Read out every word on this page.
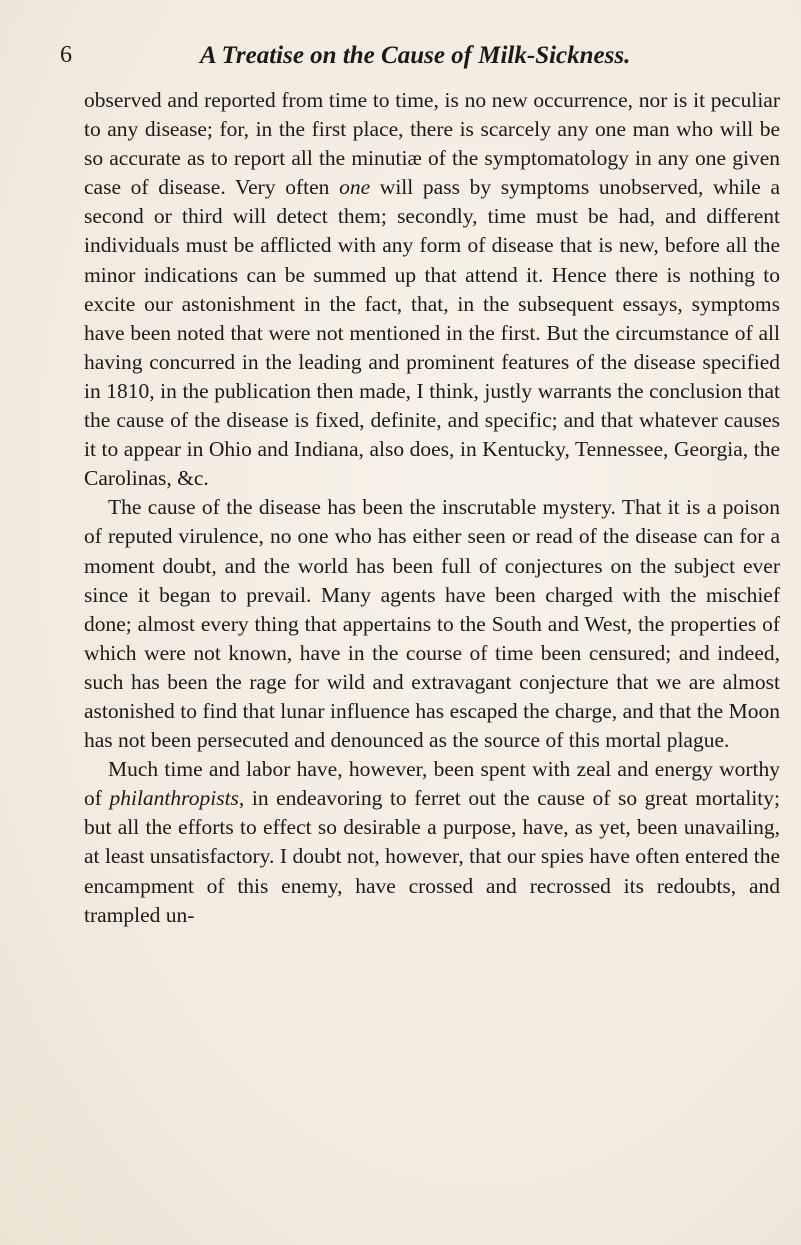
6	A Treatise on the Cause of Milk-Sickness.

observed and reported from time to time, is no new occurrence, nor is it peculiar to any disease; for, in the first place, there is scarcely any one man who will be so accurate as to report all the minutiæ of the symptomatology in any one given case of disease. Very often one will pass by symptoms unobserved, while a second or third will detect them; secondly, time must be had, and different individuals must be afflicted with any form of disease that is new, before all the minor indications can be summed up that attend it. Hence there is nothing to excite our astonishment in the fact, that, in the subsequent essays, symptoms have been noted that were not mentioned in the first. But the circumstance of all having concurred in the leading and prominent features of the disease specified in 1810, in the publication then made, I think, justly warrants the conclusion that the cause of the disease is fixed, definite, and specific; and that whatever causes it to appear in Ohio and Indiana, also does, in Kentucky, Tennessee, Georgia, the Carolinas, &c.

The cause of the disease has been the inscrutable mystery. That it is a poison of reputed virulence, no one who has either seen or read of the disease can for a moment doubt, and the world has been full of conjectures on the subject ever since it began to prevail. Many agents have been charged with the mischief done; almost every thing that appertains to the South and West, the properties of which were not known, have in the course of time been censured; and indeed, such has been the rage for wild and extravagant conjecture that we are almost astonished to find that lunar influence has escaped the charge, and that the Moon has not been persecuted and denounced as the source of this mortal plague.

Much time and labor have, however, been spent with zeal and energy worthy of philanthropists, in endeavoring to ferret out the cause of so great mortality; but all the efforts to effect so desirable a purpose, have, as yet, been unavailing, at least unsatisfactory. I doubt not, however, that our spies have often entered the encampment of this enemy, have crossed and recrossed its redoubts, and trampled un-
